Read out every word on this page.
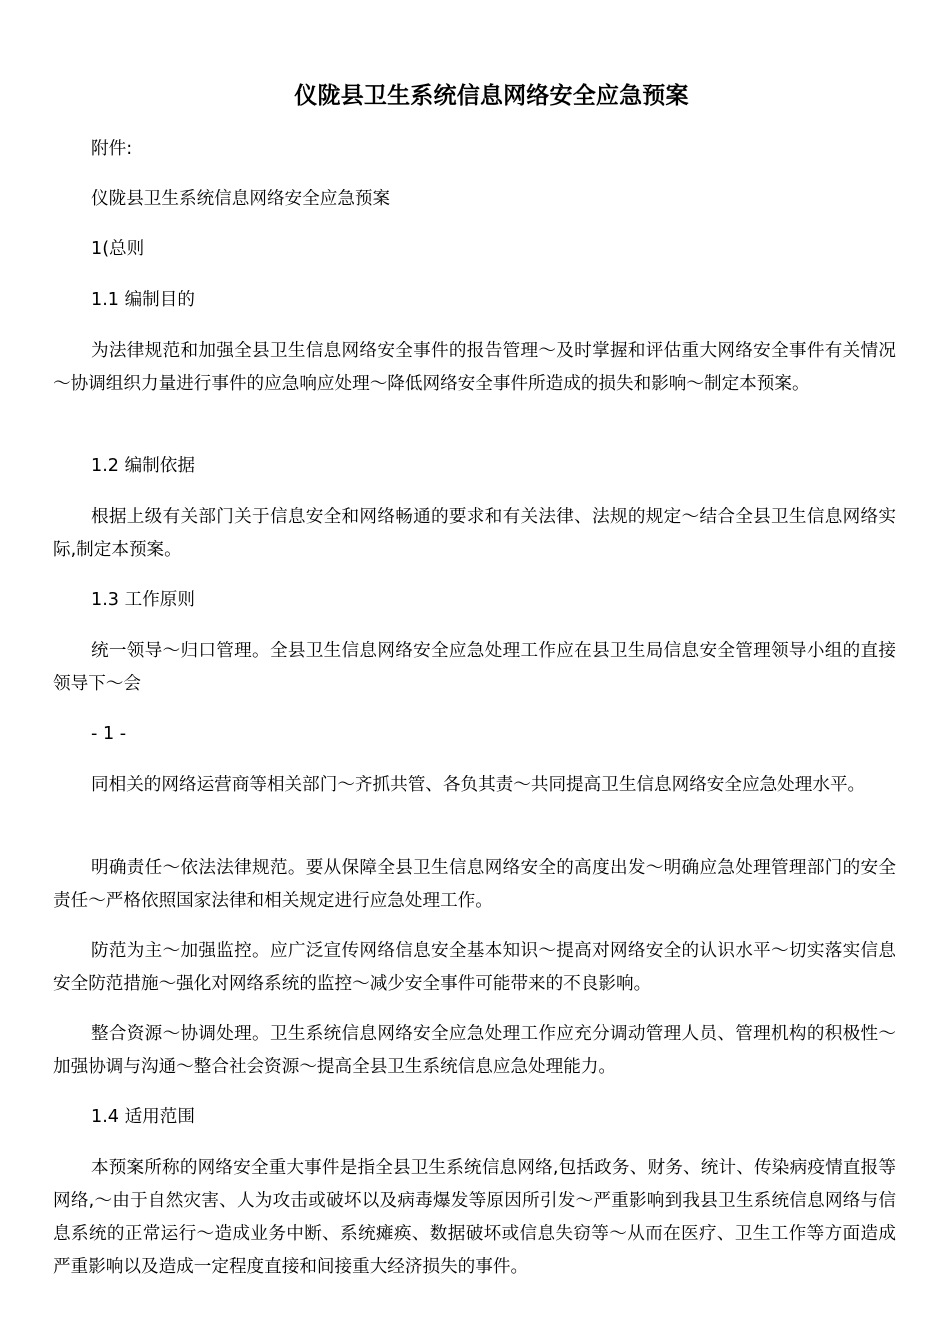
仪陇县卫生系统信息网络安全应急预案

附件:

仪陇县卫生系统信息网络安全应急预案

1(总则

1.1 编制目的

为法律规范和加强全县卫生信息网络安全事件的报告管理～及时掌握和评估重大网络安全事件有关情况～协调组织力量进行事件的应急响应处理～降低网络安全事件所造成的损失和影响～制定本预案。

1.2 编制依据

根据上级有关部门关于信息安全和网络畅通的要求和有关法律、法规的规定～结合全县卫生信息网络实际,制定本预案。

1.3 工作原则

统一领导～归口管理。全县卫生信息网络安全应急处理工作应在县卫生局信息安全管理领导小组的直接领导下～会

- 1 -

同相关的网络运营商等相关部门～齐抓共管、各负其责～共同提高卫生信息网络安全应急处理水平。

明确责任～依法法律规范。要从保障全县卫生信息网络安全的高度出发～明确应急处理管理部门的安全责任～严格依照国家法律和相关规定进行应急处理工作。

防范为主～加强监控。应广泛宣传网络信息安全基本知识～提高对网络安全的认识水平～切实落实信息安全防范措施～强化对网络系统的监控～减少安全事件可能带来的不良影响。

整合资源～协调处理。卫生系统信息网络安全应急处理工作应充分调动管理人员、管理机构的积极性～加强协调与沟通～整合社会资源～提高全县卫生系统信息应急处理能力。

1.4 适用范围

本预案所称的网络安全重大事件是指全县卫生系统信息网络,包括政务、财务、统计、传染病疫情直报等网络,～由于自然灾害、人为攻击或破坏以及病毒爆发等原因所引发～严重影响到我县卫生系统信息网络与信息系统的正常运行～造成业务中断、系统瘫痪、数据破坏或信息失窃等～从而在医疗、卫生工作等方面造成严重影响以及造成一定程度直接和间接重大经济损失的事件。
